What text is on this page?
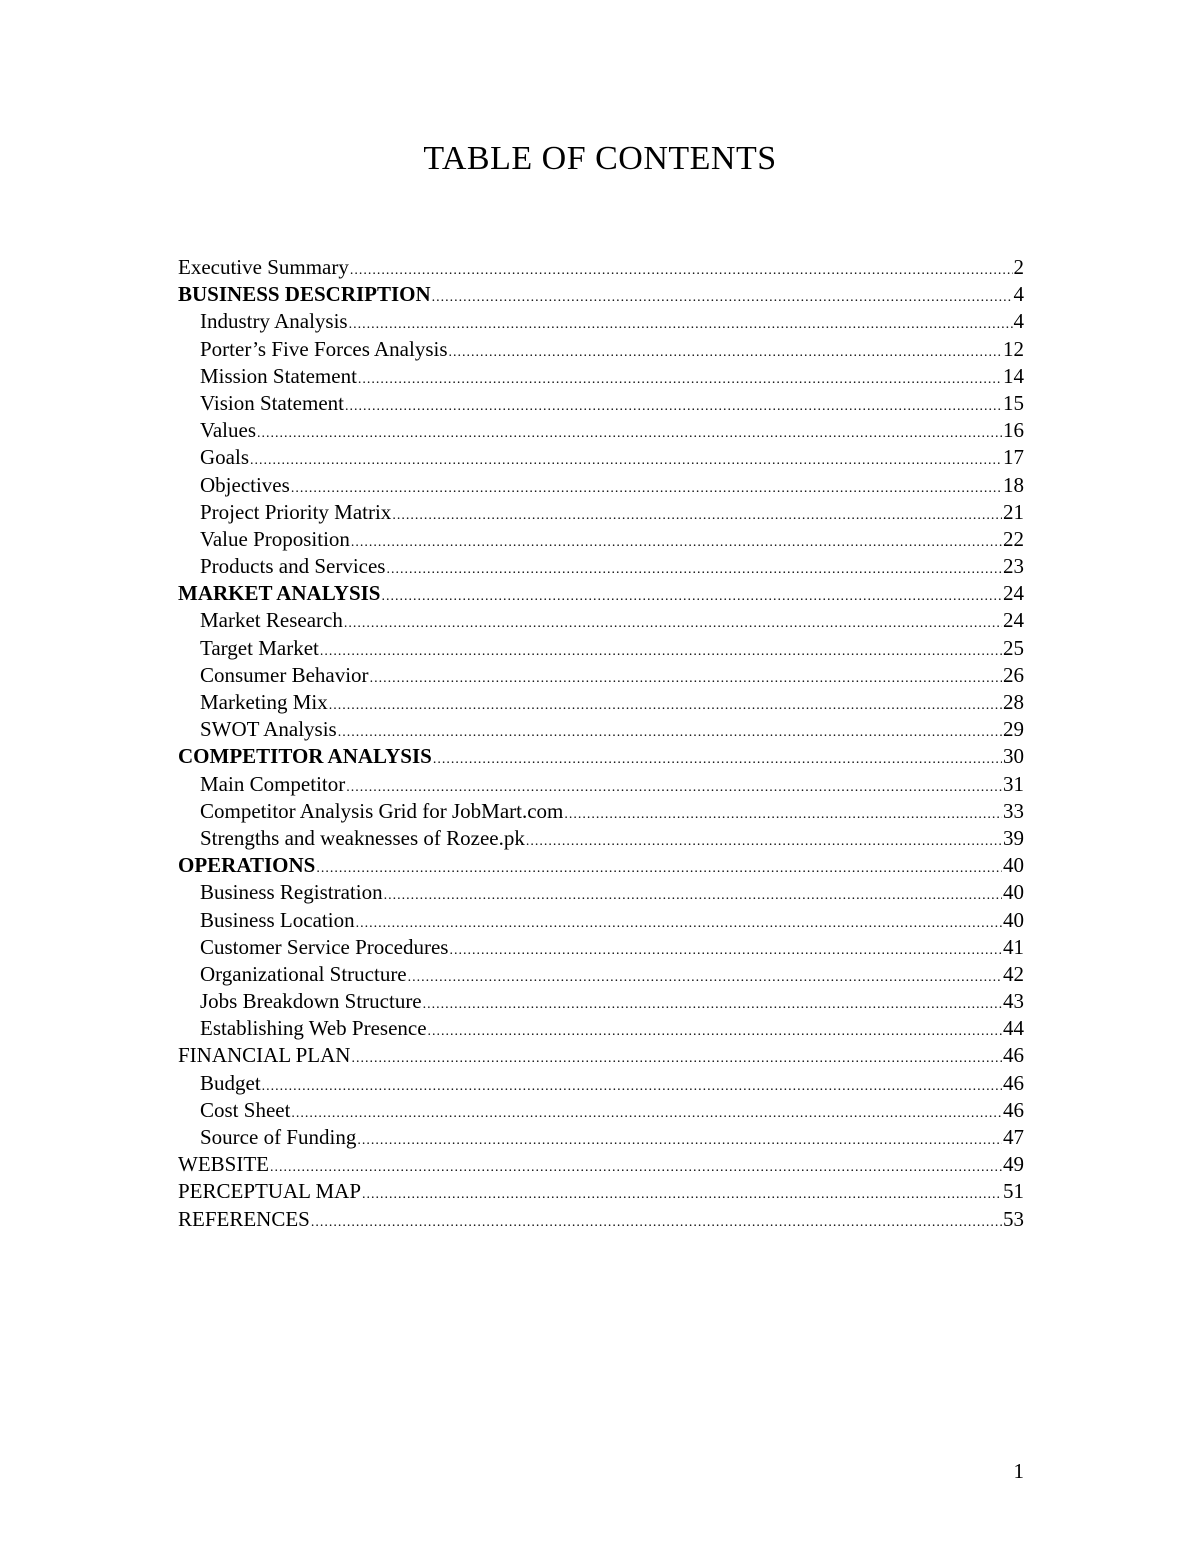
TABLE OF CONTENTS
Executive Summary .....	2
BUSINESS DESCRIPTION .....	4
Industry Analysis .....	4
Porter’s Five Forces Analysis .....	12
Mission Statement .....	14
Vision Statement .....	15
Values .....	16
Goals .....	17
Objectives .....	18
Project Priority Matrix .....	21
Value Proposition .....	22
Products and Services .....	23
MARKET ANALYSIS .....	24
Market Research .....	24
Target Market .....	25
Consumer Behavior .....	26
Marketing Mix .....	28
SWOT Analysis .....	29
COMPETITOR ANALYSIS .....	30
Main Competitor .....	31
Competitor Analysis Grid for JobMart.com .....	33
Strengths and weaknesses of Rozee.pk .....	39
OPERATIONS .....	40
Business Registration .....	40
Business Location .....	40
Customer Service Procedures .....	41
Organizational Structure .....	42
Jobs Breakdown Structure .....	43
Establishing Web Presence .....	44
FINANCIAL PLAN .....	46
Budget .....	46
Cost Sheet .....	46
Source of Funding .....	47
WEBSITE .....	49
PERCEPTUAL MAP .....	51
REFERENCES .....	53
1
